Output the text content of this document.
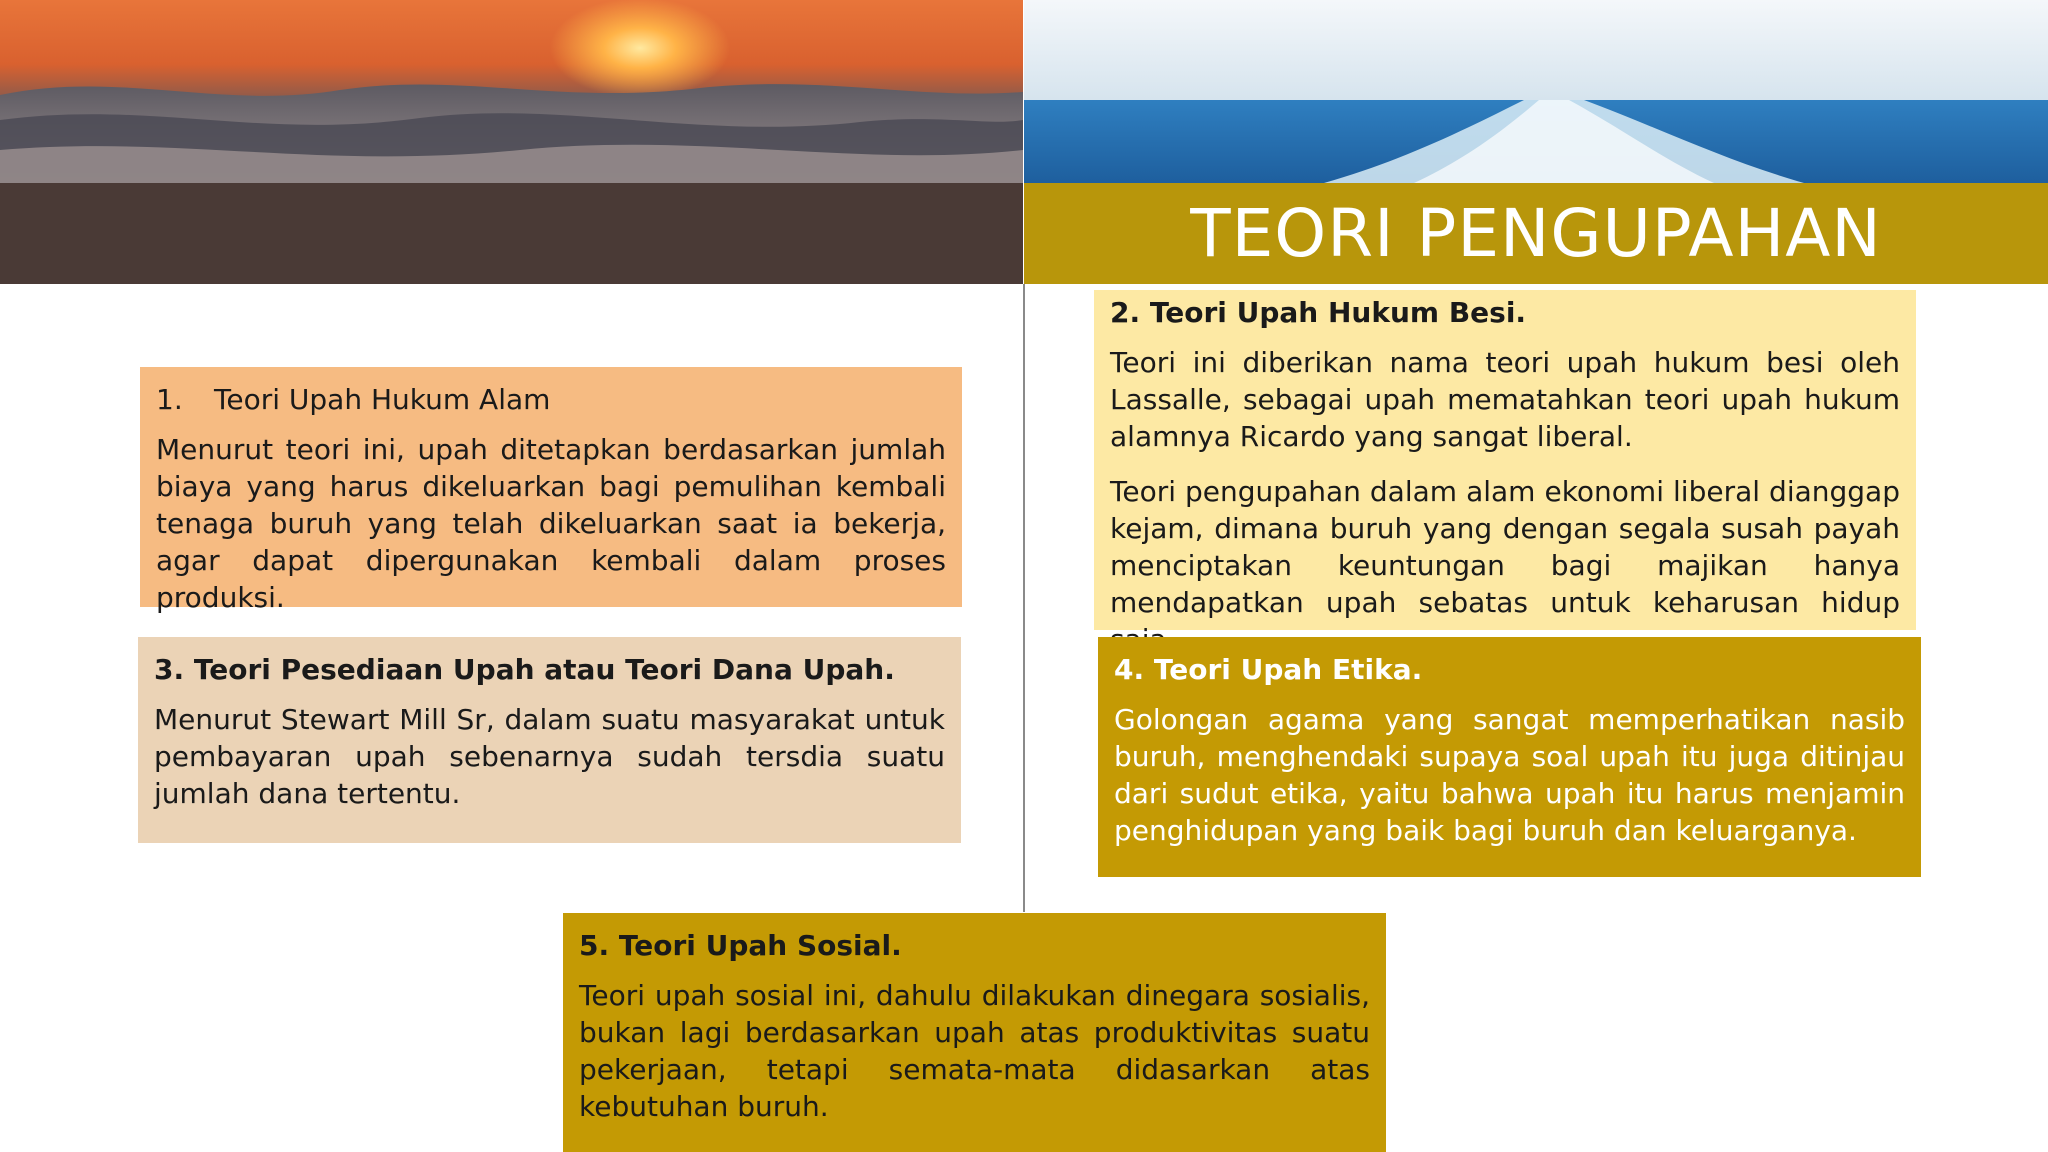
TEORI PENGUPAHAN
1.	Teori Upah Hukum Alam

Menurut teori ini, upah ditetapkan berdasarkan jumlah biaya yang harus dikeluarkan bagi pemulihan kembali tenaga buruh yang telah dikeluarkan saat ia bekerja, agar dapat dipergunakan kembali dalam proses produksi.

2. Teori Upah Hukum Besi.

Teori ini diberikan nama teori upah hukum besi oleh Lassalle, sebagai upah mematahkan teori upah hukum alamnya Ricardo yang sangat liberal.

Teori pengupahan dalam alam ekonomi liberal dianggap kejam, dimana buruh yang dengan segala susah payah menciptakan keuntungan bagi majikan hanya mendapatkan upah sebatas untuk keharusan hidup

3. Teori Pesediaan Upah atau Teori Dana Upah.

Menurut Stewart Mill Sr, dalam suatu masyarakat untuk pembayaran upah sebenarnya sudah tersdia suatu jumlah dana tertentu.

4. Teori Upah Etika.

Golongan agama yang sangat memperhatikan nasib buruh, menghendaki supaya soal upah itu juga ditinjau dari sudut etika, yaitu bahwa upah itu harus menjamin penghidupan yang baik bagi buruh dan keluarganya.

5. Teori Upah Sosial.

Teori upah sosial ini, dahulu dilakukan dinegara sosialis, bukan lagi berdasarkan upah atas produktivitas suatu pekerjaan, tetapi semata-mata didasarkan atas kebutuhan buruh.
